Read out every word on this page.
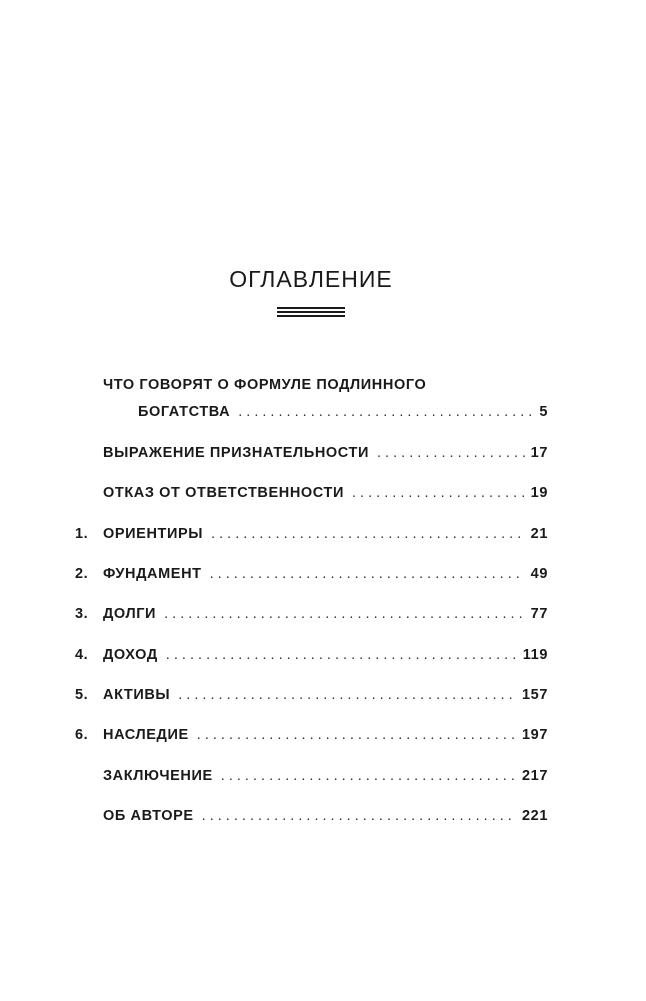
ОГЛАВЛЕНИЕ
ЧТО ГОВОРЯТ О ФОРМУЛЕ ПОДЛИННОГО
БОГАТСТВА . . .	5
ВЫРАЖЕНИЕ ПРИЗНАТЕЛЬНОСТИ . . .	17
ОТКАЗ ОТ ОТВЕТСТВЕННОСТИ . . .	19
1.	ОРИЕНТИРЫ . . .	21
2.	ФУНДАМЕНТ . . .	49
3.	ДОЛГИ . . .	77
4.	ДОХОД . . .	119
5.	АКТИВЫ . . .	157
6.	НАСЛЕДИЕ . . .	197
ЗАКЛЮЧЕНИЕ . . .	217
ОБ АВТОРЕ . . .	221
